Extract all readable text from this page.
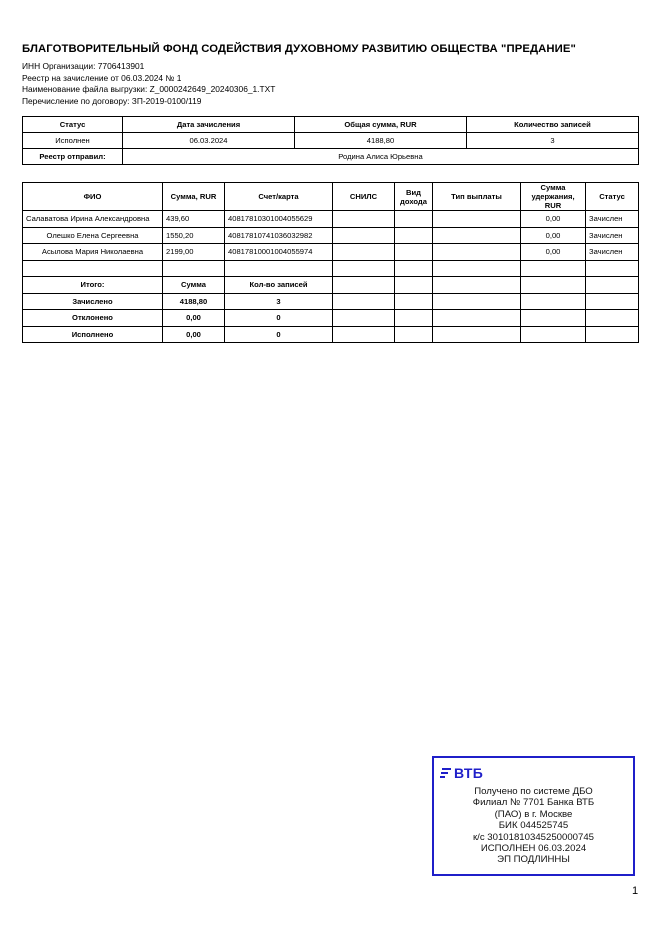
БЛАГОТВОРИТЕЛЬНЫЙ ФОНД СОДЕЙСТВИЯ ДУХОВНОМУ РАЗВИТИЮ ОБЩЕСТВА "ПРЕДАНИЕ"
ИНН Организации: 7706413901
Реестр на зачисление от 06.03.2024 № 1
Наименование файла выгрузки: Z_0000242649_20240306_1.TXT
Перечисление по договору: ЗП-2019-0100/119
Статус	Дата зачисления	Общая сумма, RUR	Количество записей
Исполнен	06.03.2024	4188,80	3
Реестр отправил:	Родина Алиса Юрьевна		
ФИО	Сумма, RUR	Счет/карта	СНИЛС	Вид дохода	Тип выплаты	Сумма удержания, RUR	Статус
Салаватова Ирина Александровна	439,60	40817810301004055629				0,00	Зачислен
Олешко Елена Сергеевна	1550,20	40817810741036032982				0,00	Зачислен
Асылова Мария Николаевна	2199,00	40817810001004055974				0,00	Зачислен

Итого:	Сумма	Кол-во записей					
Зачислено	4188,80	3					
Отклонено	0,00	0					
Исполнено	0,00	0					
ВТБ
Получено по системе ДБО
Филиал № 7701 Банка ВТБ
(ПАО) в г. Москве
БИК 044525745
к/с 30101810345250000745
ИСПОЛНЕН 06.03.2024
ЭП ПОДЛИННЫ
1
